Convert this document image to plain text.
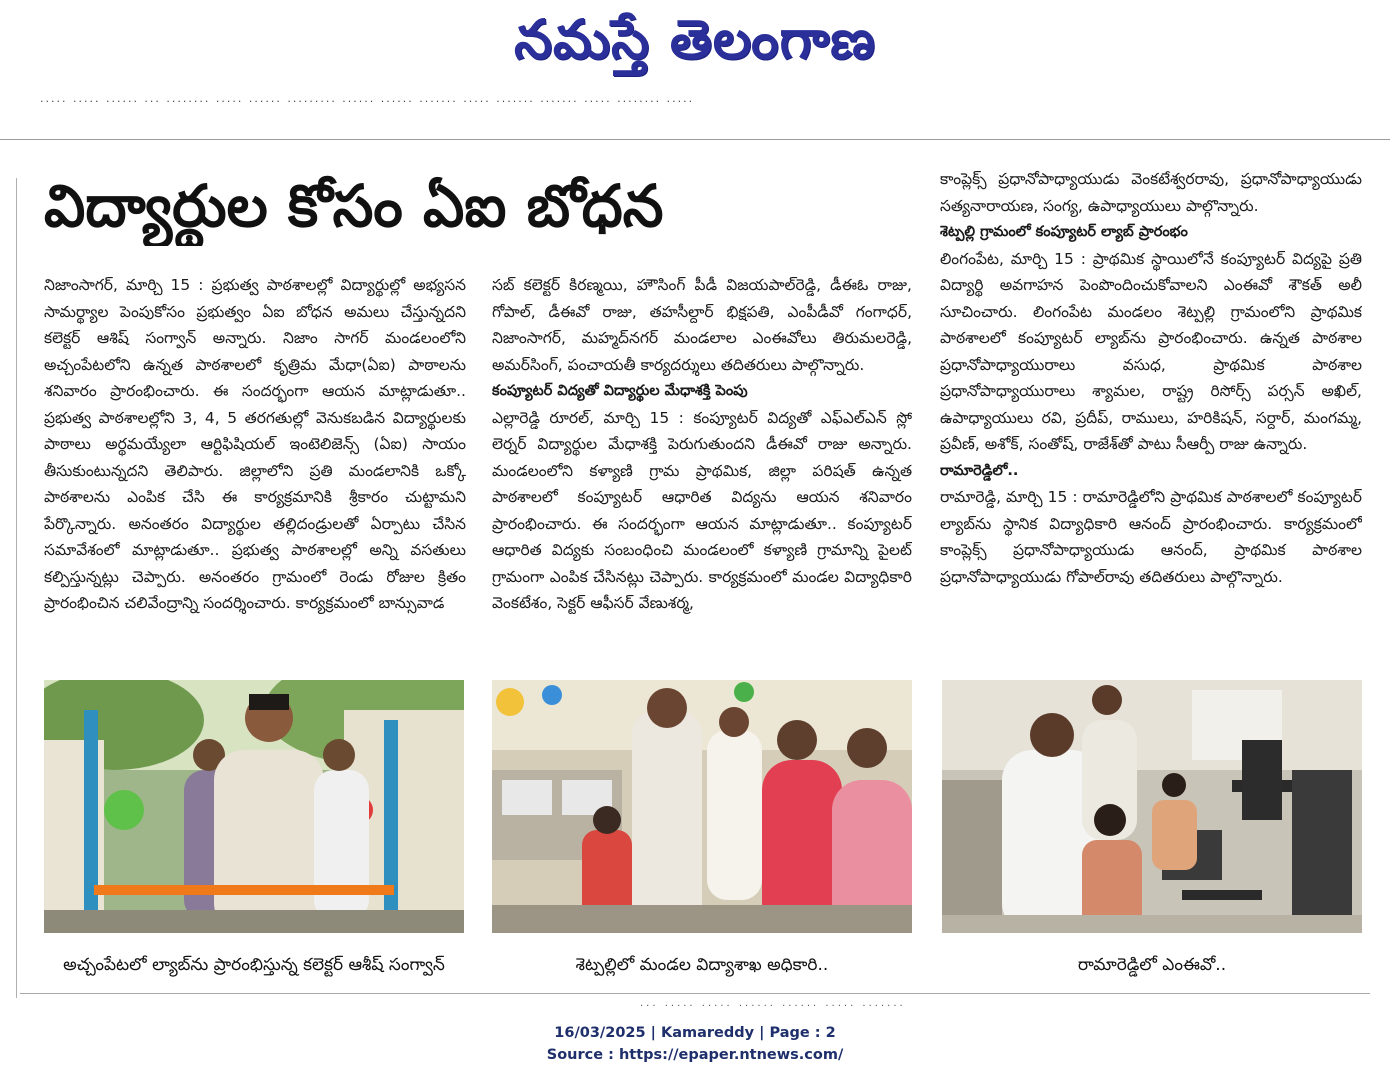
నమస్తే తెలంగాణ
..... ..... ...... ... ........ ..... ...... ......... ...... ...... ....... ..... ....... ....... ..... ........ .....
విద్యార్థుల కోసం ఏఐ బోధన

నిజాంసాగర్, మార్చి 15 : ప్రభుత్వ పాఠశాలల్లో విద్యార్థుల్లో అభ్యసన సామర్థ్యాల పెంపుకోసం ప్రభుత్వం ఏఐ బోధన అమలు చేస్తున్నదని కలెక్టర్ ఆశిష్ సంగ్వాన్ అన్నారు. నిజాం సాగర్ మండలంలోని అచ్చంపేటలోని ఉన్నత పాఠశాలలో కృత్రిమ మేధా(ఏఐ) పాఠాలను శనివారం ప్రారంభించారు. ఈ సందర్భంగా ఆయన మాట్లాడుతూ.. ప్రభుత్వ పాఠశాలల్లోని 3, 4, 5 తరగతుల్లో వెనుకబడిన విద్యార్థులకు పాఠాలు అర్థమయ్యేలా ఆర్టిఫిషియల్ ఇంటెలిజెన్స్ (ఏఐ) సాయం తీసుకుంటున్నదని తెలిపారు. జిల్లాలోని ప్రతి మండలానికి ఒక్కో పాఠశాలను ఎంపిక చేసి ఈ కార్యక్రమానికి శ్రీకారం చుట్టామని పేర్కొన్నారు. అనంతరం విద్యార్థుల తల్లిదండ్రులతో ఏర్పాటు చేసిన సమావేశంలో మాట్లాడుతూ.. ప్రభుత్వ పాఠశాలల్లో అన్ని వసతులు కల్పిస్తున్నట్లు చెప్పారు. అనంతరం గ్రామంలో రెండు రోజుల క్రితం ప్రారంభించిన చలివేంద్రాన్ని సందర్శించారు. కార్యక్రమంలో బాన్సువాడ

సబ్ కలెక్టర్ కిరణ్మయి, హౌసింగ్ పీడీ విజయపాల్‌రెడ్డి, డీఈఓ రాజు, గోపాల్, డీఈవో రాజు, తహసీల్దార్ భిక్షపతి, ఎంపీడీవో గంగాధర్, నిజాంసాగర్, మహ్మద్‌నగర్ మండలాల ఎంఈవోలు తిరుమలరెడ్డి, అమర్‌సింగ్, పంచాయతీ కార్యదర్శులు తదితరులు పాల్గొన్నారు.

కంప్యూటర్ విద్యతో విద్యార్థుల మేధాశక్తి పెంపు

ఎల్లారెడ్డి రూరల్, మార్చి 15 : కంప్యూటర్ విద్యతో ఎఫ్ఎల్ఎన్ స్లో లెర్నర్ విద్యార్థుల మేధాశక్తి పెరుగుతుందని డీఈవో రాజు అన్నారు. మండలంలోని కళ్యాణి గ్రామ ప్రాథమిక, జిల్లా పరిషత్ ఉన్నత పాఠశాలలో కంప్యూటర్ ఆధారిత విద్యను ఆయన శనివారం ప్రారంభించారు. ఈ సందర్భంగా ఆయన మాట్లాడుతూ.. కంప్యూటర్ ఆధారిత విద్యకు సంబంధించి మండలంలో కళ్యాణి గ్రామాన్ని పైలట్ గ్రామంగా ఎంపిక చేసినట్లు చెప్పారు. కార్యక్రమంలో మండల విద్యాధికారి వెంకటేశం, సెక్టర్ ఆఫీసర్ వేణుశర్మ,

కాంప్లెక్స్ ప్రధానోపాధ్యాయుడు వెంకటేశ్వరరావు, ప్రధానోపాధ్యాయుడు సత్యనారాయణ, సంగ్య, ఉపాధ్యాయులు పాల్గొన్నారు.

శెట్పల్లి గ్రామంలో కంప్యూటర్ ల్యాబ్ ప్రారంభం

లింగంపేట, మార్చి 15 : ప్రాథమిక స్థాయిలోనే కంప్యూటర్ విద్యపై ప్రతి విద్యార్థి అవగాహన పెంపొందించుకోవాలని ఎంఈవో శౌకత్ అలీ సూచించారు. లింగంపేట మండలం శెట్పల్లి గ్రామంలోని ప్రాథమిక పాఠశాలలో కంప్యూటర్ ల్యాబ్‌ను ప్రారంభించారు. ఉన్నత పాఠశాల ప్రధానోపాధ్యాయురాలు వసుధ, ప్రాథమిక పాఠశాల ప్రధానోపాధ్యాయురాలు శ్యామల, రాష్ట్ర రిసోర్స్ పర్సన్ అఖిల్, ఉపాధ్యాయులు రవి, ప్రదీప్, రాములు, హరికిషన్, సర్దార్, మంగమ్మ, ప్రవీణ్, అశోక్, సంతోష్, రాజేశ్‌తో పాటు సీఆర్పీ రాజు ఉన్నారు.

రామారెడ్డిలో..

రామారెడ్డి, మార్చి 15 : రామారెడ్డిలోని ప్రాథమిక పాఠశాలలో కంప్యూటర్ ల్యాబ్‌ను స్థానిక విద్యాధికారి ఆనంద్ ప్రారంభించారు. కార్యక్రమంలో కాంప్లెక్స్ ప్రధానోపాధ్యాయుడు ఆనంద్, ప్రాథమిక పాఠశాల ప్రధానోపాధ్యాయుడు గోపాల్‌రావు తదితరులు పాల్గొన్నారు.

అచ్చంపేటలో ల్యాబ్‌ను ప్రారంభిస్తున్న కలెక్టర్ ఆశీష్ సంగ్వాన్	శెట్పల్లిలో మండల విద్యాశాఖ అధికారి..	రామారెడ్డిలో ఎంఈవో..
... ..... ..... ...... ...... ..... .......
16/03/2025 | Kamareddy | Page : 2
Source : https://epaper.ntnews.com/
